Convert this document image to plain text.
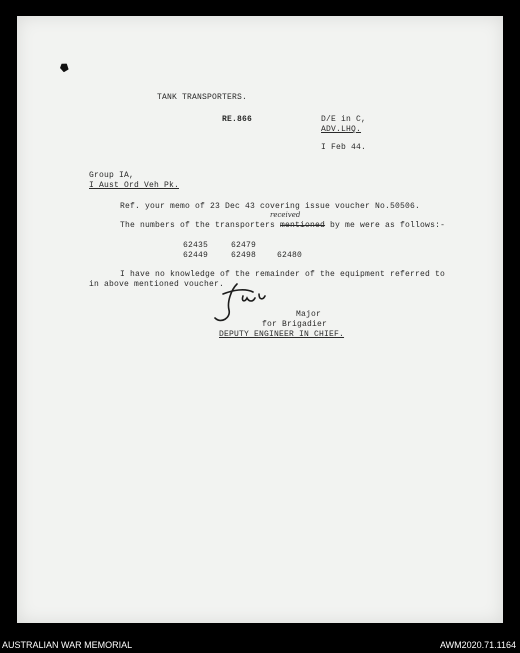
TANK TRANSPORTERS.
RE.866	D/E in C,
ADV.LHQ.
I Feb 44.
Group IA,
I Aust Ord Veh Pk.
Ref. your memo of 23 Dec 43 covering issue voucher No.50506.
received
The numbers of the transporters mentioned by me were as follows:-
62435	62479
62449	62498	62480
I have no knowledge of the remainder of the equipment referred to
in above mentioned voucher.
Major
for Brigadier
DEPUTY ENGINEER IN CHIEF.
AUSTRALIAN WAR MEMORIAL	AWM2020.71.1164
